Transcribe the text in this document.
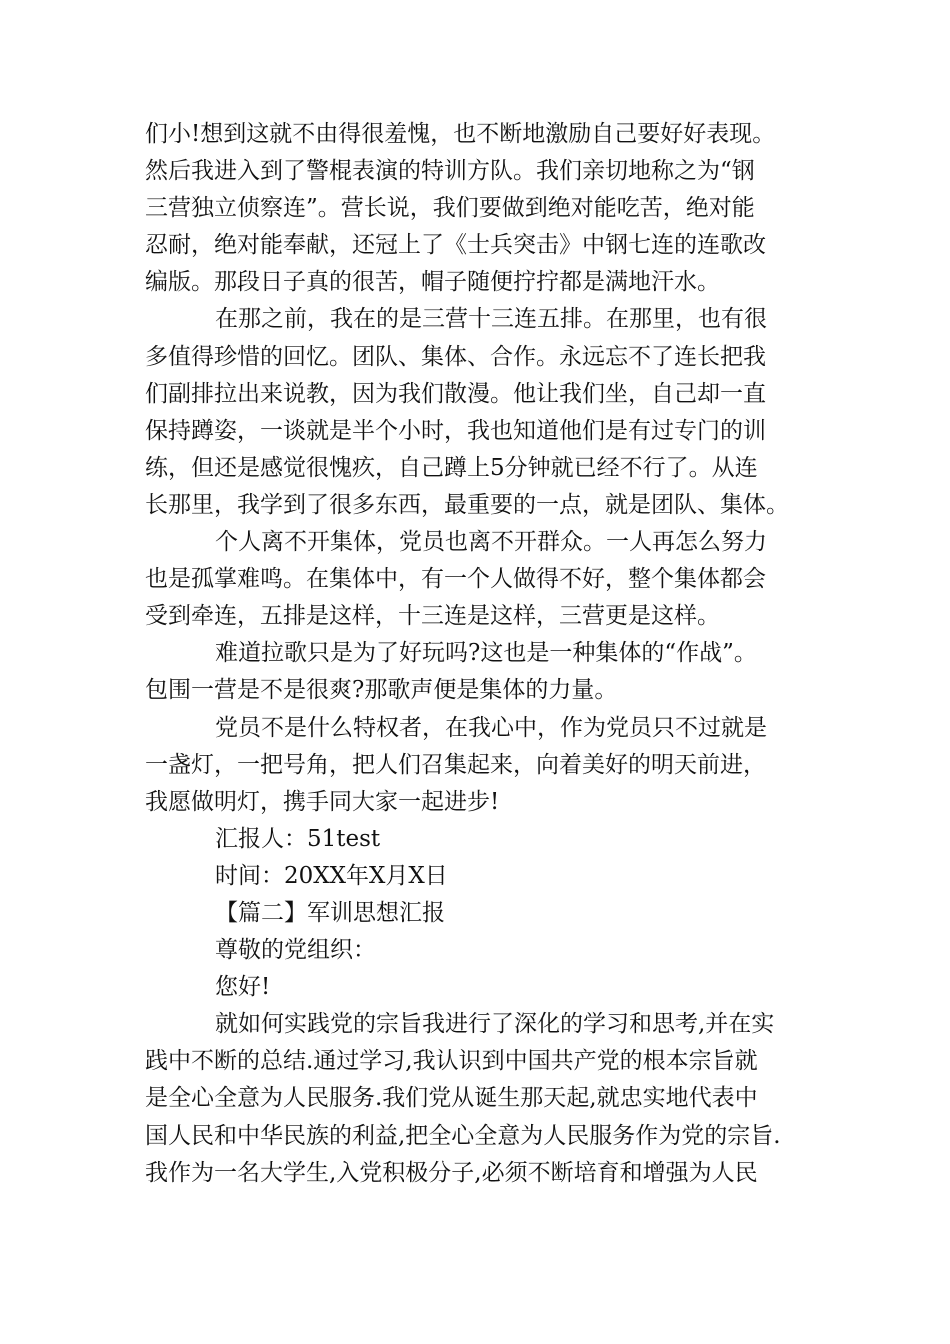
们小!想到这就不由得很羞愧，也不断地激励自己要好好表现。
然后我进入到了警棍表演的特训方队。我们亲切地称之为“钢
三营独立侦察连”。营长说，我们要做到绝对能吃苦，绝对能
忍耐，绝对能奉献，还冠上了《士兵突击》中钢七连的连歌改
编版。那段日子真的很苦，帽子随便拧拧都是满地汗水。
在那之前，我在的是三营十三连五排。在那里，也有很
多值得珍惜的回忆。团队、集体、合作。永远忘不了连长把我
们副排拉出来说教，因为我们散漫。他让我们坐，自己却一直
保持蹲姿，一谈就是半个小时，我也知道他们是有过专门的训
练，但还是感觉很愧疚，自己蹲上5分钟就已经不行了。从连
长那里，我学到了很多东西，最重要的一点，就是团队、集体。
个人离不开集体，党员也离不开群众。一人再怎么努力
也是孤掌难鸣。在集体中，有一个人做得不好，整个集体都会
受到牵连，五排是这样，十三连是这样，三营更是这样。
难道拉歌只是为了好玩吗?这也是一种集体的“作战”。
包围一营是不是很爽?那歌声便是集体的力量。
党员不是什么特权者，在我心中，作为党员只不过就是
一盏灯，一把号角，把人们召集起来，向着美好的明天前进，
我愿做明灯，携手同大家一起进步!
汇报人：51test
时间：20XX年X月X日
【篇二】军训思想汇报
尊敬的党组织：
您好!
就如何实践党的宗旨我进行了深化的学习和思考,并在实
践中不断的总结.通过学习,我认识到中国共产党的根本宗旨就
是全心全意为人民服务.我们党从诞生那天起,就忠实地代表中
国人民和中华民族的利益,把全心全意为人民服务作为党的宗旨.
我作为一名大学生,入党积极分子,必须不断培育和增强为人民
